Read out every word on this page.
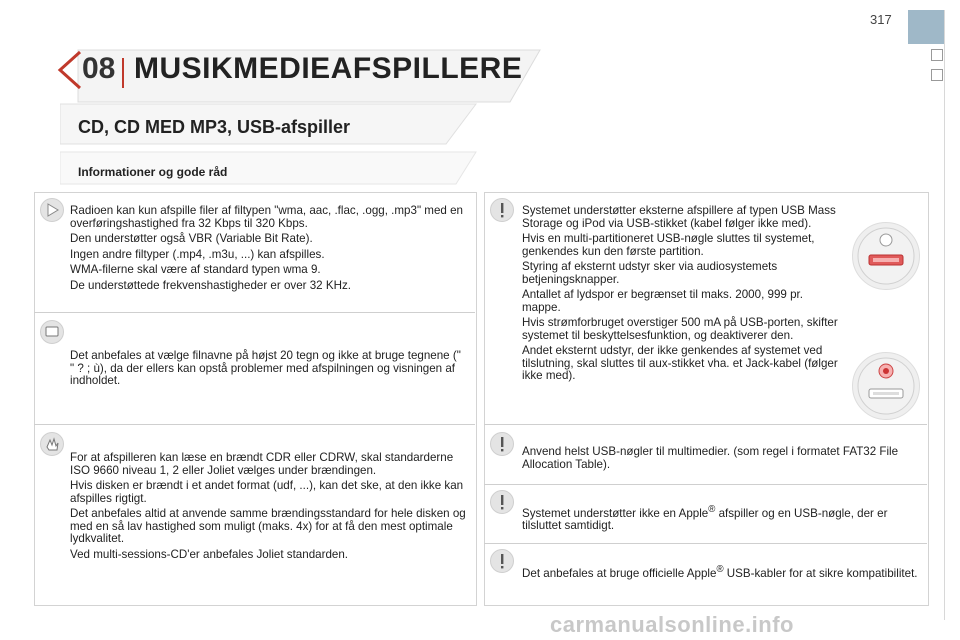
317
08 MUSIKMEDIEAFSPILLERE
CD, CD MED MP3, USB-afspiller
Informationer og gode råd

Radioen kan kun afspille filer af filtypen "wma, aac, .flac, .ogg, .mp3" med en overføringshastighed fra 32 Kbps til 320 Kbps.

Den understøtter også VBR (Variable Bit Rate).

Ingen andre filtyper (.mp4, .m3u, ...) kan afspilles.

WMA-filerne skal være af standard typen wma 9.

De understøttede frekvenshastigheder er over 32 KHz.

Det anbefales at vælge filnavne på højst 20 tegn og ikke at bruge tegnene (" " ? ; ù), da der ellers kan opstå problemer med afspilningen og visningen af indholdet.

For at afspilleren kan læse en brændt CDR eller CDRW, skal standarderne ISO 9660 niveau 1, 2 eller Joliet vælges under brændingen.

Hvis disken er brændt i et andet format (udf, ...), kan det ske, at den ikke kan afspilles rigtigt.

Det anbefales altid at anvende samme brændingsstandard for hele disken og med en så lav hastighed som muligt (maks. 4x) for at få den mest optimale lydkvalitet.

Ved multi-sessions-CD'er anbefales Joliet standarden.

Systemet understøtter eksterne afspillere af typen USB Mass Storage og iPod via USB-stikket (kabel følger ikke med).

Hvis en multi-partitioneret USB-nøgle sluttes til systemet, genkendes kun den første partition.

Styring af eksternt udstyr sker via audiosystemets betjeningsknapper.

Antallet af lydspor er begrænset til maks. 2000, 999 pr. mappe.

Hvis strømforbruget overstiger 500 mA på USB-porten, skifter systemet til beskyttelsesfunktion, og deaktiverer den.

Andet eksternt udstyr, der ikke genkendes af systemet ved tilslutning, skal sluttes til aux-stikket vha. et Jack-kabel (følger ikke med).

Anvend helst USB-nøgler til multimedier. (som regel i formatet FAT32 File Allocation Table).

Systemet understøtter ikke en Apple® afspiller og en USB-nøgle, der er tilsluttet samtidigt.

Det anbefales at bruge officielle Apple® USB-kabler for at sikre kompatibilitet.

carmanualsonline.info
